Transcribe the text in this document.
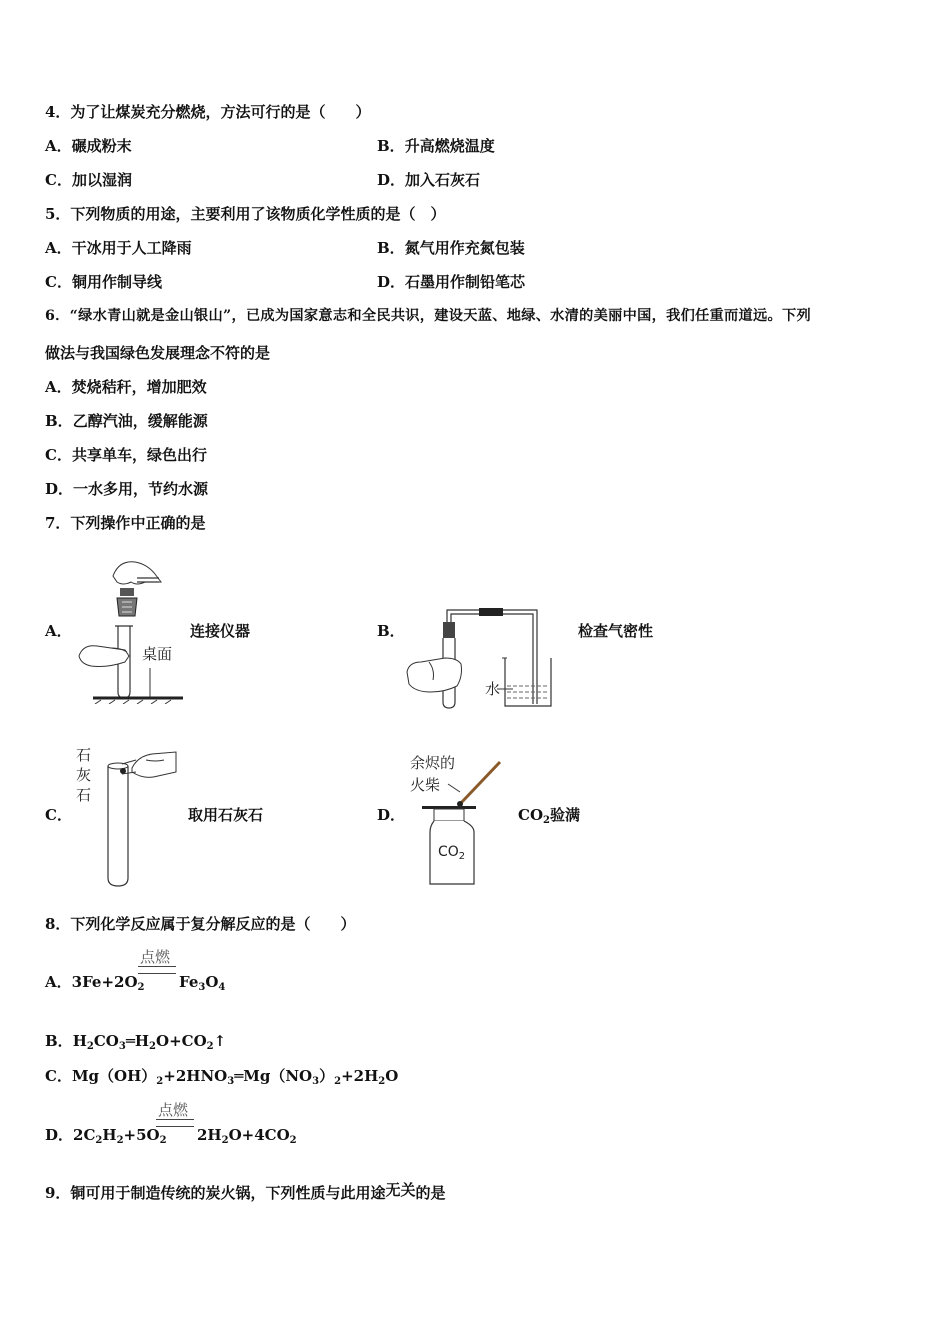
4．为了让煤炭充分燃烧，方法可行的是（　　）
A．碾成粉末	B．升高燃烧温度
C．加以湿润	D．加入石灰石
5．下列物质的用途，主要利用了该物质化学性质的是（　）
A．干冰用于人工降雨	B．氮气用作充氮包装
C．铜用作制导线	D．石墨用作制铅笔芯
6．“绿水青山就是金山银山”，已成为国家意志和全民共识，建设天蓝、地绿、水清的美丽中国，我们任重而道远。下列
做法与我国绿色发展理念不符的是
A．焚烧秸秆，增加肥效
B．乙醇汽油，缓解能源
C．共享单车，绿色出行
D．一水多用，节约水源
7．下列操作中正确的是
A．	连接仪器
桌面
B．	检查气密性
水
C．	取用石灰石
石
灰
石
D．	$CO_2$验满
余烬的
火柴
$CO_2$
8．下列化学反应属于复分解反应的是（　　）
点燃
A．$3Fe+2O_2$ $Fe_3O_4$
B．$H_2CO_3═H_2O+CO_2↑$
C．$Mg(OH)_2+2HNO_3═Mg(NO_3)_2+2H_2O$
点燃
D．$2C_2H_2+5O_2$ $2H_2O+4CO_2$
9．铜可用于制造传统的炭火锅，下列性质与此用途无关的是
